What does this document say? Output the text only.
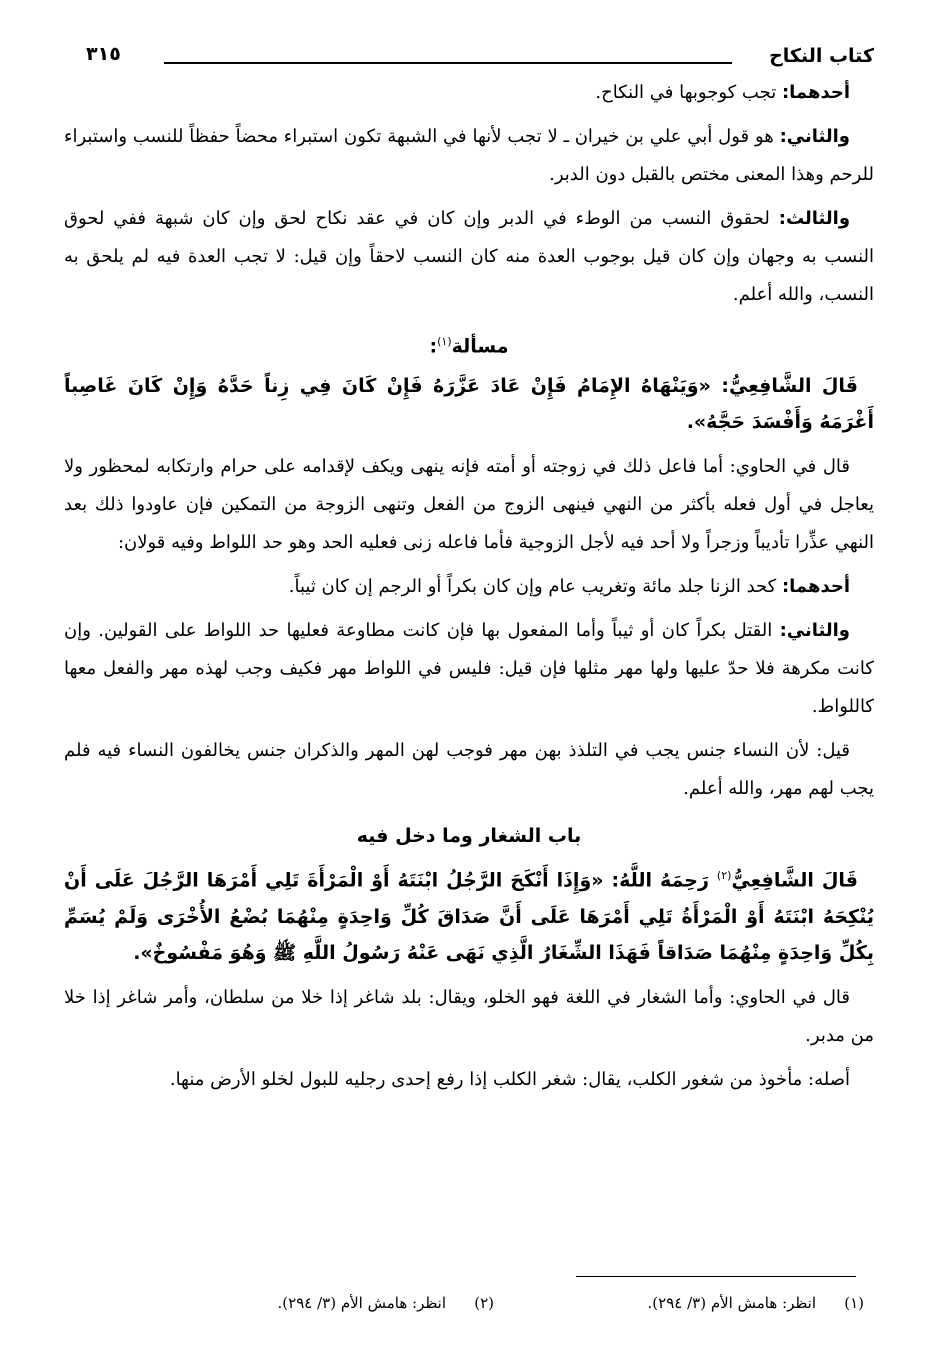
كتاب النكاح
٣١٥

أحدهما: تجب كوجوبها في النكاح.

والثاني: هو قول أبي علي بن خيران ـ لا تجب لأنها في الشبهة تكون استبراء محضاً حفظاً للنسب واستبراء للرحم وهذا المعنى مختص بالقبل دون الدبر.

والثالث: لحقوق النسب من الوطء في الدبر وإن كان في عقد نكاح لحق وإن كان شبهة ففي لحوق النسب به وجهان وإن كان قيل بوجوب العدة منه كان النسب لاحقاً وإن قيل: لا تجب العدة فيه لم يلحق به النسب، والله أعلم.

مسألة$^{(١)}$:

قَالَ الشَّافِعِيُّ: «وَيَنْهَاهُ الإِمَامُ فَإِنْ عَادَ عَزَّرَهُ فَإِنْ كَانَ فِي زِناً حَدَّهُ وَإِنْ كَانَ غَاصِباً أَغْرَمَهُ وَأَفْسَدَ حَجَّهُ».

قال في الحاوي: أما فاعل ذلك في زوجته أو أمته فإنه ينهى ويكف لإقدامه على حرام وارتكابه لمحظور ولا يعاجل في أول فعله بأكثر من النهي فينهى الزوج من الفعل وتنهى الزوجة من التمكين فإن عاودوا ذلك بعد النهي عذِّرا تأديباً وزجراً ولا أحد فيه لأجل الزوجية فأما فاعله زنى فعليه الحد وهو حد اللواط وفيه قولان:

أحدهما: كحد الزنا جلد مائة وتغريب عام وإن كان بكراً أو الرجم إن كان ثيباً.

والثاني: القتل بكراً كان أو ثيباً وأما المفعول بها فإن كانت مطاوعة فعليها حد اللواط على القولين. وإن كانت مكرهة فلا حدّ عليها ولها مهر مثلها فإن قيل: فليس في اللواط مهر فكيف وجب لهذه مهر والفعل معها كاللواط.

قيل: لأن النساء جنس يجب في التلذذ بهن مهر فوجب لهن المهر والذكران جنس يخالفون النساء فيه فلم يجب لهم مهر، والله أعلم.

باب الشغار وما دخل فيه

قَالَ الشَّافِعِيُّ$^{(٢)}$ رَحِمَهُ اللَّهُ: «وَإِذَا أَنْكَحَ الرَّجُلُ ابْنَتَهُ أَوْ الْمَرْأَةَ تَلِي أَمْرَهَا الرَّجُلَ عَلَى أَنْ يُنْكِحَهُ ابْنَتَهُ أَوْ الْمَرْأَةُ تَلِي أَمْرَهَا عَلَى أَنَّ صَدَاقَ كُلِّ وَاحِدَةٍ مِنْهُمَا بُضْعُ الأُخْرَى وَلَمْ يُسَمِّ بِكُلِّ وَاحِدَةٍ مِنْهُمَا صَدَاقاً فَهَذَا الشِّغَارُ الَّذِي نَهَى عَنْهُ رَسُولُ اللَّهِ ﷺ وَهُوَ مَفْسُوخٌ».

قال في الحاوي: وأما الشغار في اللغة فهو الخلو، ويقال: بلد شاغر إذا خلا من سلطان، وأمر شاغر إذا خلا من مدبر.

أصله: مأخوذ من شغور الكلب، يقال: شغر الكلب إذا رفع إحدى رجليه للبول لخلو الأرض منها.

(١)انظر: هامش الأم (٣/ ٢٩٤).
(٢)انظر: هامش الأم (٣/ ٢٩٤).
